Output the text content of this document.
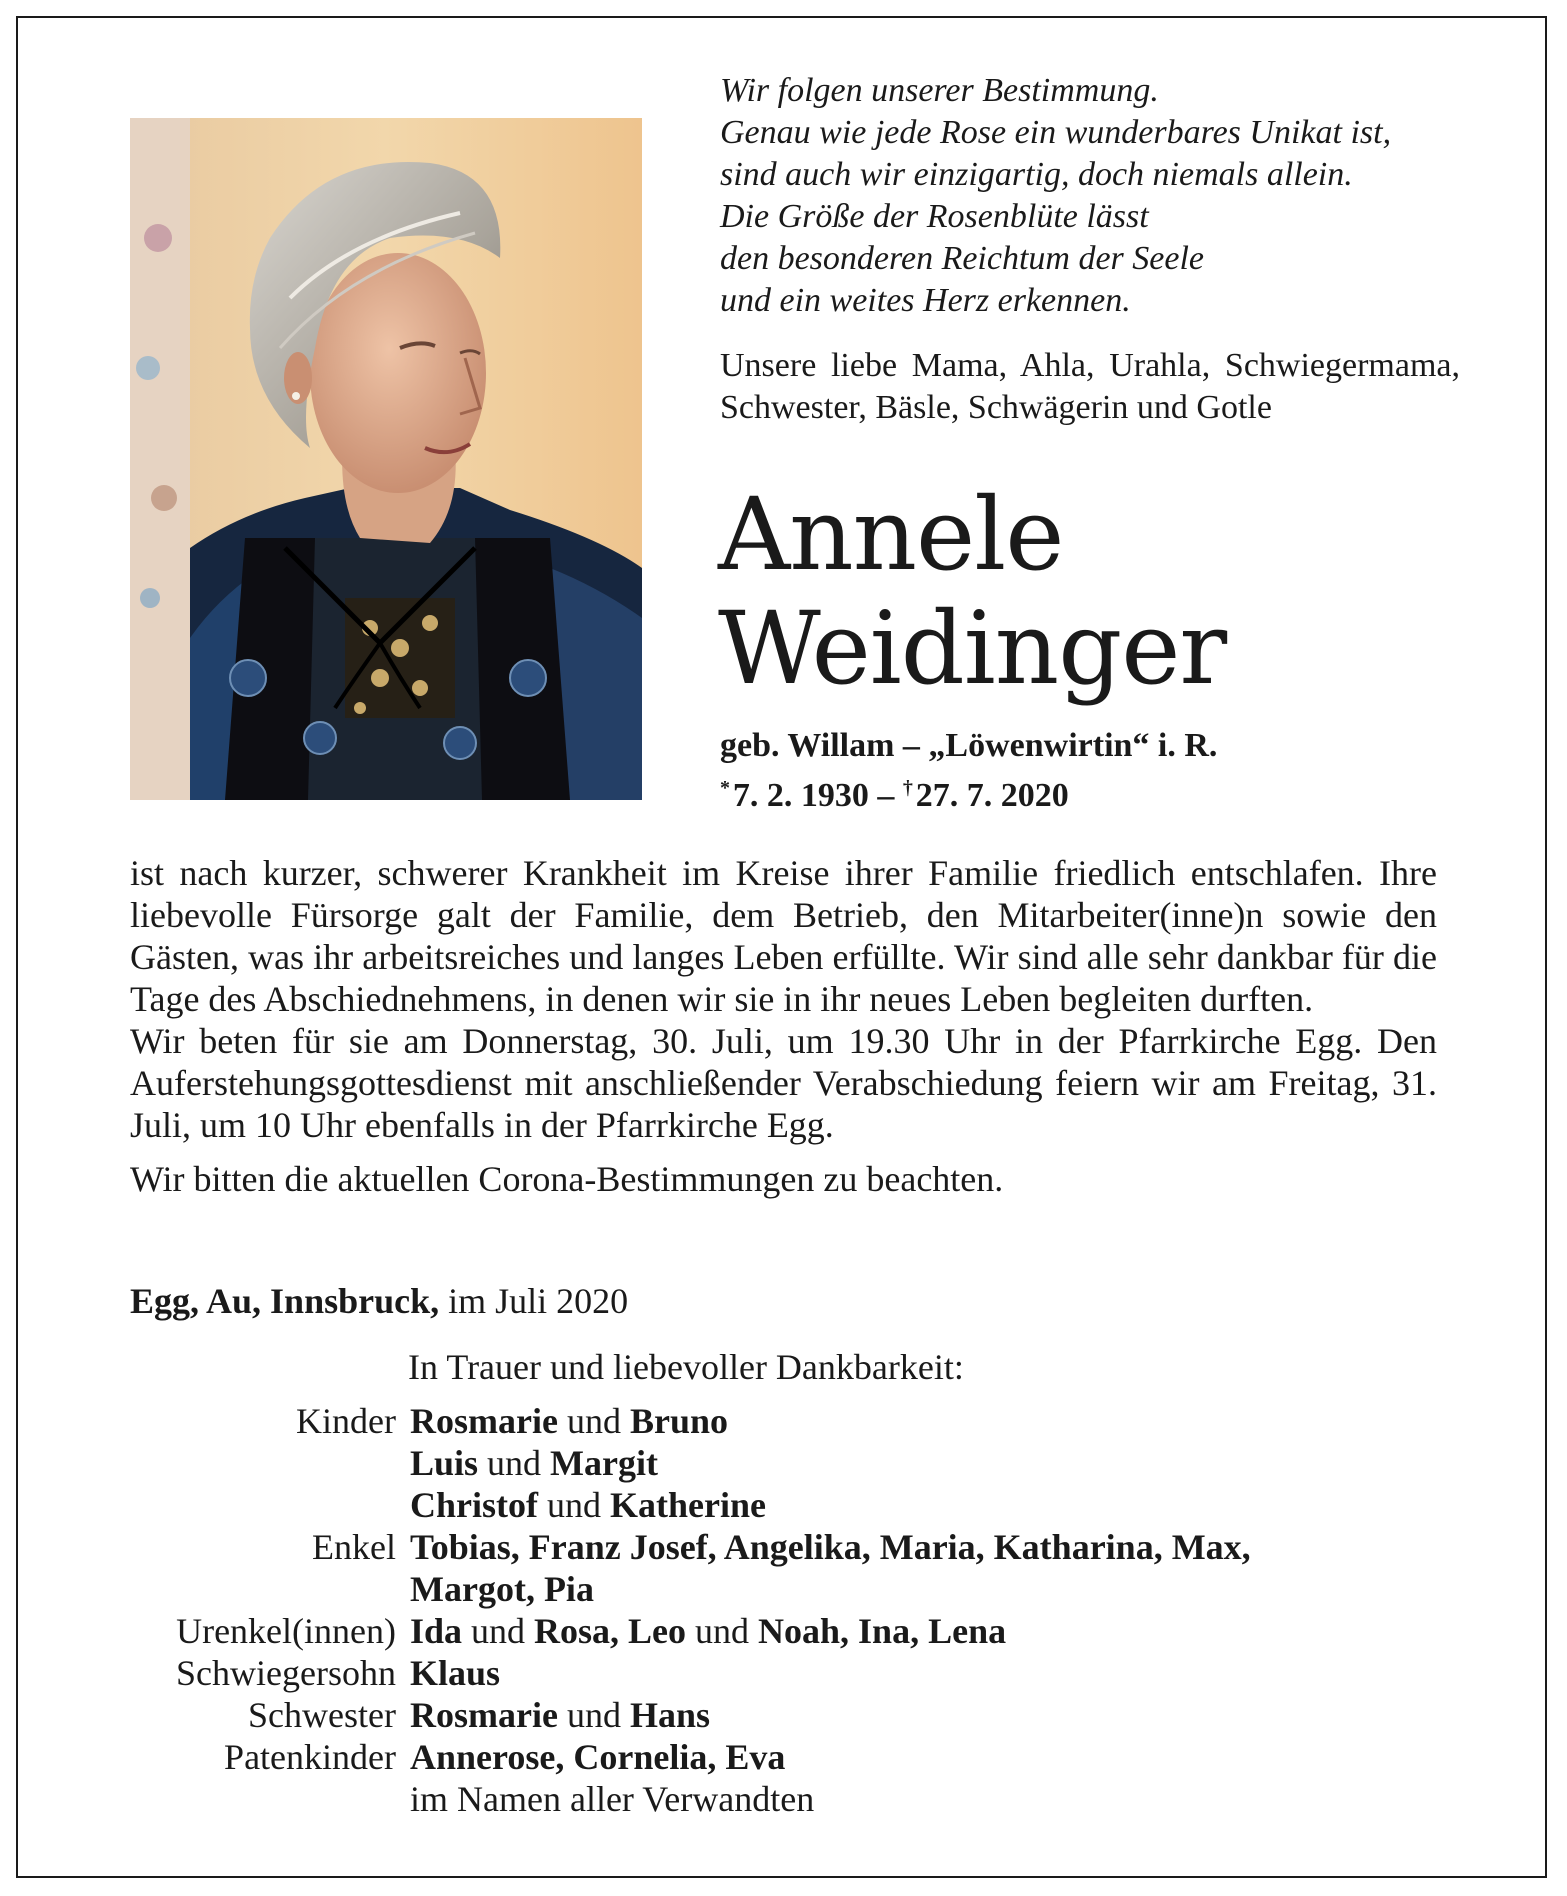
Wir folgen unserer Bestimmung.
Genau wie jede Rose ein wunderbares Unikat ist,
sind auch wir einzigartig, doch niemals allein.
Die Größe der Rosenblüte lässt
den besonderen Reichtum der Seele
und ein weites Herz erkennen.
Unsere liebe Mama, Ahla, Urahla, Schwiegermama, Schwester, Bäsle, Schwägerin und Gotle
Annele
Weidinger
geb. Willam – „Löwenwirtin“ i. R.
* 7. 2. 1930 – † 27. 7. 2020

ist nach kurzer, schwerer Krankheit im Kreise ihrer Familie friedlich entschlafen. Ihre liebevolle Fürsorge galt der Familie, dem Betrieb, den Mitarbeiter(inne)n sowie den Gästen, was ihr arbeitsreiches und langes Leben erfüllte. Wir sind alle sehr dankbar für die Tage des Abschiednehmens, in denen wir sie in ihr neues Leben begleiten durften.

Wir beten für sie am Donnerstag, 30. Juli, um 19.30 Uhr in der Pfarrkirche Egg. Den Auferstehungsgottesdienst mit anschließender Verabschiedung feiern wir am Freitag, 31. Juli, um 10 Uhr ebenfalls in der Pfarrkirche Egg.

Wir bitten die aktuellen Corona-Bestimmungen zu beachten.

Egg, Au, Innsbruck, im Juli 2020
In Trauer und liebevoller Dankbarkeit:
Kinder Rosmarie und Bruno
Luis und Margit
Christof und Katherine
Enkel Tobias, Franz Josef, Angelika, Maria, Katharina, Max,
Margot, Pia
Urenkel(innen) Ida und Rosa, Leo und Noah, Ina, Lena
Schwiegersohn Klaus
Schwester Rosmarie und Hans
Patenkinder Annerose, Cornelia, Eva
im Namen aller Verwandten
